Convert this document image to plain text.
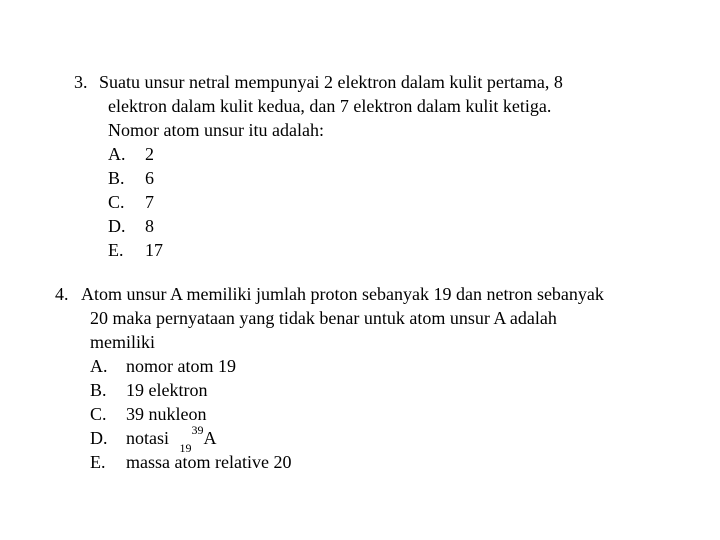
3. Suatu unsur netral mempunyai 2 elektron dalam kulit pertama, 8
elektron dalam kulit kedua, dan 7 elektron dalam kulit ketiga.
Nomor atom unsur itu adalah:
A. 2
B. 6
C. 7
D. 8
E. 17
4. Atom unsur A memiliki jumlah proton sebanyak 19 dan netron sebanyak
20 maka pernyataan yang tidak benar untuk atom unsur A adalah
memiliki
A. nomor atom 19
B. 19 elektron
C. 39 nukleon
D. notasi $_{19}^{39}$A
E. massa atom relative 20
